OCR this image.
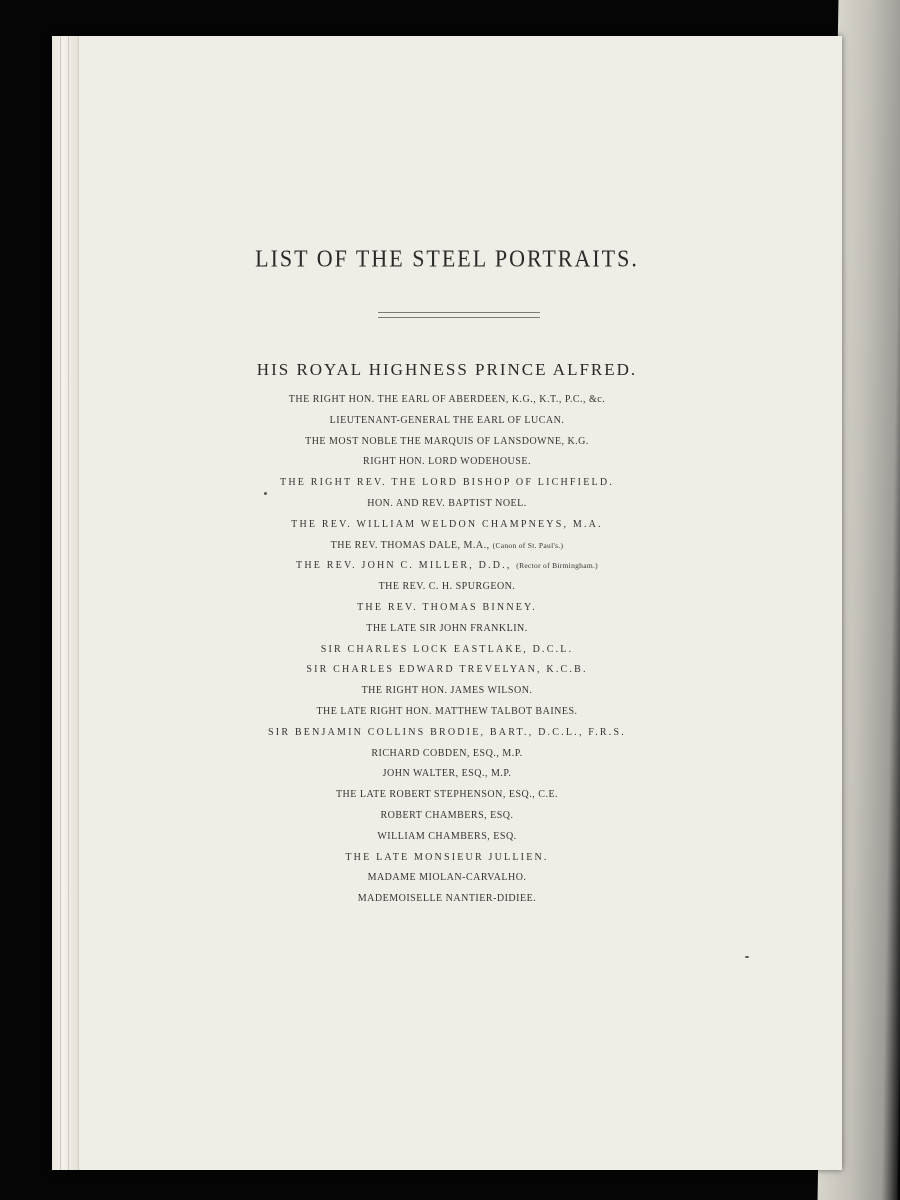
LIST OF THE STEEL PORTRAITS.
HIS ROYAL HIGHNESS PRINCE ALFRED.
THE RIGHT HON. THE EARL OF ABERDEEN, K.G., K.T., P.C., &c.
LIEUTENANT-GENERAL THE EARL OF LUCAN.
THE MOST NOBLE THE MARQUIS OF LANSDOWNE, K.G.
RIGHT HON. LORD WODEHOUSE.
THE RIGHT REV. THE LORD BISHOP OF LICHFIELD.
HON. AND REV. BAPTIST NOEL.
THE REV. WILLIAM WELDON CHAMPNEYS, M.A.
THE REV. THOMAS DALE, M.A., (Canon of St. Paul's.)
THE REV. JOHN C. MILLER, D.D., (Rector of Birmingham.)
THE REV. C. H. SPURGEON.
THE REV. THOMAS BINNEY.
THE LATE SIR JOHN FRANKLIN.
SIR CHARLES LOCK EASTLAKE, D.C.L.
SIR CHARLES EDWARD TREVELYAN, K.C.B.
THE RIGHT HON. JAMES WILSON.
THE LATE RIGHT HON. MATTHEW TALBOT BAINES.
SIR BENJAMIN COLLINS BRODIE, BART., D.C.L., F.R.S.
RICHARD COBDEN, ESQ., M.P.
JOHN WALTER, ESQ., M.P.
THE LATE ROBERT STEPHENSON, ESQ., C.E.
ROBERT CHAMBERS, ESQ.
WILLIAM CHAMBERS, ESQ.
THE LATE MONSIEUR JULLIEN.
MADAME MIOLAN-CARVALHO.
MADEMOISELLE NANTIER-DIDIEE.
